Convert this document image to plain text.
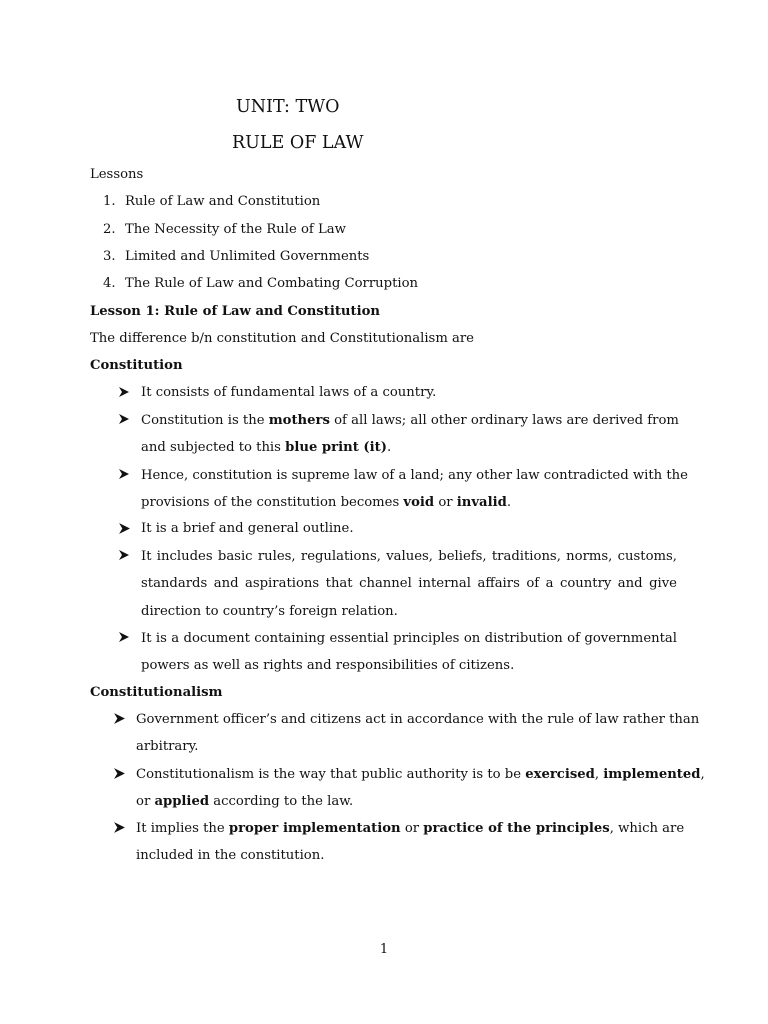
UNIT: TWO
RULE OF LAW
Lessons
1. Rule of Law and Constitution
2. The Necessity of the Rule of Law
3. Limited and Unlimited Governments
4. The Rule of Law and Combating Corruption
Lesson 1: Rule of Law and Constitution
The difference b/n constitution and Constitutionalism are
Constitution
It consists of fundamental laws of a country.
Constitution is the mothers of all laws; all other ordinary laws are derived from
and subjected to this blue print (it).
Hence, constitution is supreme law of a land; any other law contradicted with the
provisions of the constitution becomes void or invalid.
It is a brief and general outline.
It includes basic rules, regulations, values, beliefs, traditions, norms, customs,
standards and aspirations that channel internal affairs of a country and give
direction to country’s foreign relation.
It is a document containing essential principles on distribution of governmental
powers as well as rights and responsibilities of citizens.
Constitutionalism
Government officer’s and citizens act in accordance with the rule of law rather than
arbitrary.
Constitutionalism is the way that public authority is to be exercised, implemented,
or applied according to the law.
It implies the proper implementation or practice of the principles, which are
included in the constitution.
1
